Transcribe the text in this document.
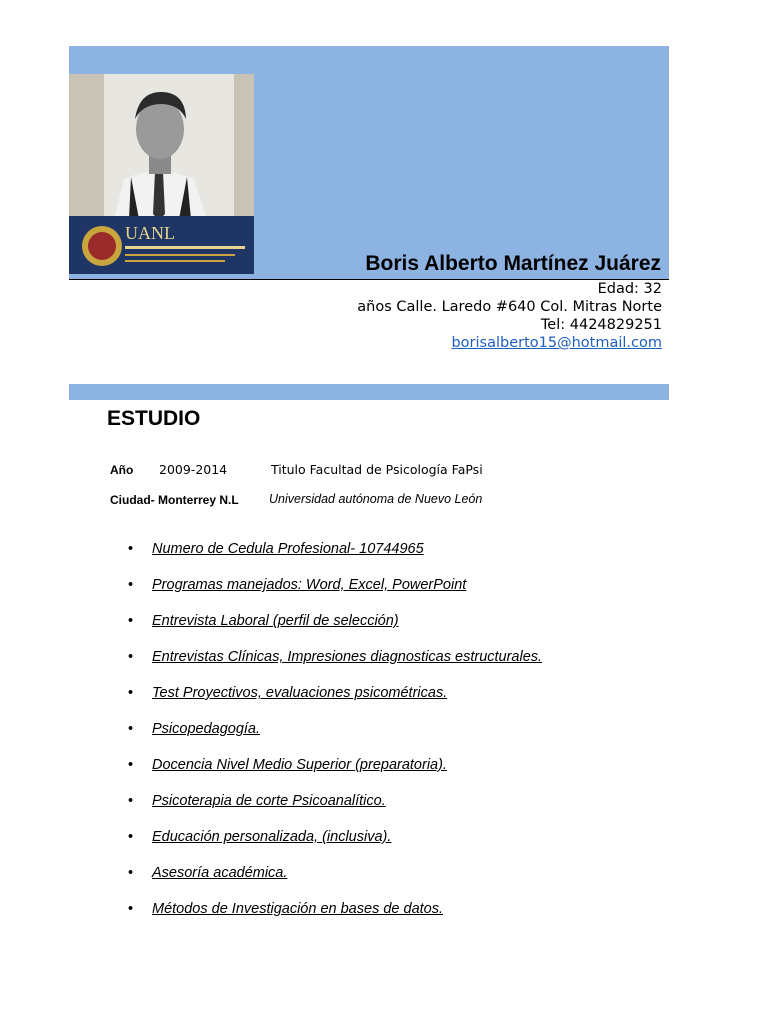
UANL
Boris Alberto Martínez Juárez
Edad: 32
años Calle. Laredo #640 Col. Mitras Norte
Tel: 4424829251
borisalberto15@hotmail.com
ESTUDIO
Año 2009-2014	Titulo Facultad de Psicología FaPsi
Ciudad- Monterrey N.L Universidad autónoma de Nuevo León
• Numero de Cedula Profesional- 10744965
• Programas manejados: Word, Excel, PowerPoint
• Entrevista Laboral (perfil de selección)
• Entrevistas Clínicas, Impresiones diagnosticas estructurales.
• Test Proyectivos, evaluaciones psicométricas.
• Psicopedagogía.
• Docencia Nivel Medio Superior (preparatoria).
• Psicoterapia de corte Psicoanalítico.
• Educación personalizada, (inclusiva).
• Asesoría académica.
• Métodos de Investigación en bases de datos.
